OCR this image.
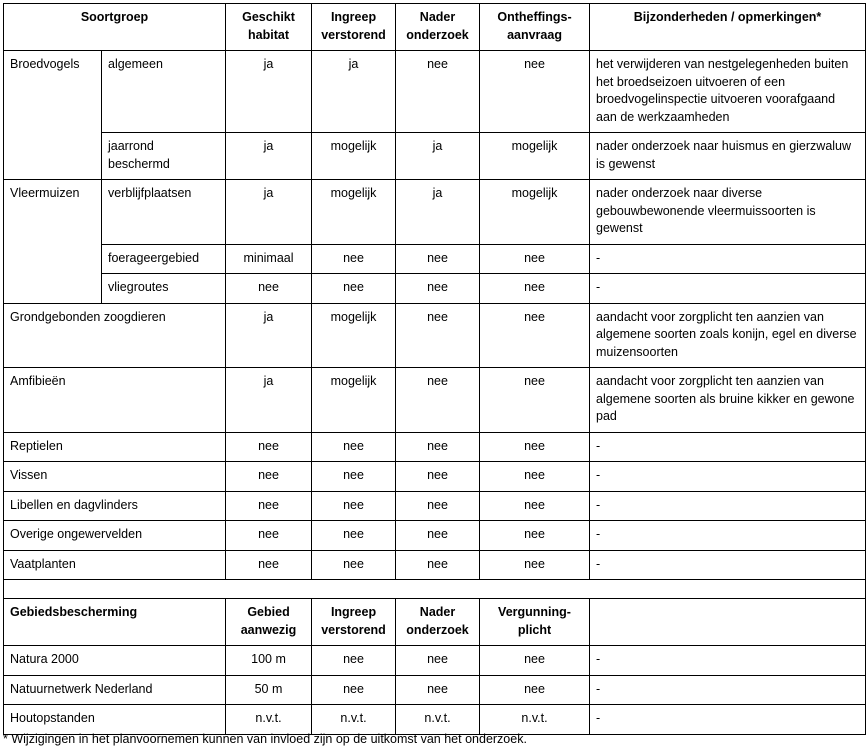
Soortgroep		Geschikt habitat	Ingreep verstorend	Nader onderzoek	Ontheffings-aanvraag	Bijzonderheden / opmerkingen*
Broedvogels	algemeen	ja	ja	nee	nee	het verwijderen van nestgelegenheden buiten het broedseizoen uitvoeren of een broedvogelinspectie uitvoeren voorafgaand aan de werkzaamheden
	jaarrond beschermd	ja	mogelijk	ja	mogelijk	nader onderzoek naar huismus en gierzwaluw is gewenst
Vleermuizen	verblijfplaatsen	ja	mogelijk	ja	mogelijk	nader onderzoek naar diverse gebouwbewonende vleermuissoorten is gewenst
	foerageergebied	minimaal	nee	nee	nee	-
	vliegroutes	nee	nee	nee	nee	-
Grondgebonden zoogdieren		ja	mogelijk	nee	nee	aandacht voor zorgplicht ten aanzien van algemene soorten zoals konijn, egel en diverse muizensoorten
Amfibieën		ja	mogelijk	nee	nee	aandacht voor zorgplicht ten aanzien van algemene soorten als bruine kikker en gewone pad
Reptielen		nee	nee	nee	nee	-
Vissen		nee	nee	nee	nee	-
Libellen en dagvlinders		nee	nee	nee	nee	-
Overige ongewervelden		nee	nee	nee	nee	-
Vaatplanten		nee	nee	nee	nee	-

Gebiedsbescherming		Gebied aanwezig	Ingreep verstorend	Nader onderzoek	Vergunning-plicht	
Natura 2000		100 m	nee	nee	nee	-
Natuurnetwerk Nederland		50 m	nee	nee	nee	-
Houtopstanden		n.v.t.	n.v.t.	n.v.t.	n.v.t.	-
* Wijzigingen in het planvoornemen kunnen van invloed zijn op de uitkomst van het onderzoek.
